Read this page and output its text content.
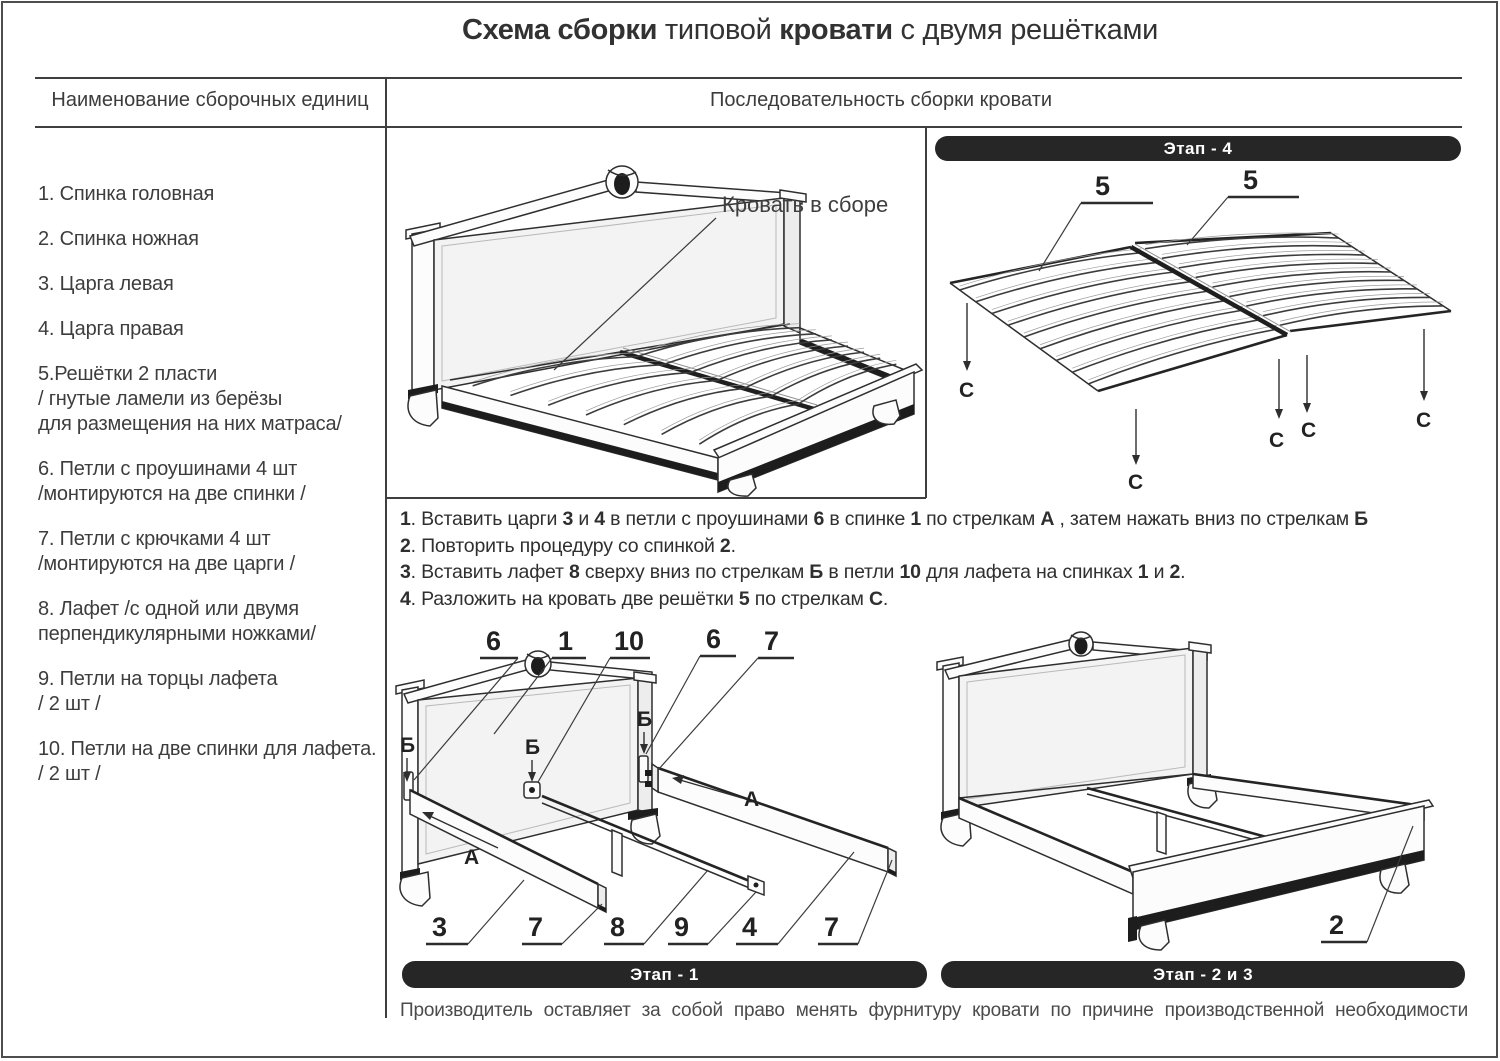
Схема сборки типовой кровати с двумя решётками
Наименование сборочных единиц	Последовательность сборки кровати
1. Спинка головная
2. Спинка ножная
3. Царга левая
4. Царга правая
5.Решётки 2 пласти
/ гнутые ламели из берёзы
для размещения на них матраса/
6. Петли с проушинами 4 шт
/монтируются на две спинки /
7. Петли с крючками 4 шт
/монтируются на две царги /
8. Лафет /с одной или двумя
перпендикулярными ножками/
9. Петли на торцы лафета
/ 2 шт /
10. Петли на две спинки для лафета.
/ 2 шт /
Кровать в сборе
Этап - 4
5	5
С
С
С С	С
1. Вставить царги 3 и 4 в петли с проушинами 6 в спинке 1 по стрелкам А , затем нажать вниз по стрелкам Б
2. Повторить процедуру со спинкой 2.
3. Вставить лафет 8 сверху вниз по стрелкам Б в петли 10 для лафета на спинках 1 и 2.
4. Разложить на кровать две решётки 5 по стрелкам С.
Б	Б
Б
А
А
6 1 10 6 7
3	7 8 9 4 7	2
Этап - 1	Этап - 2 и 3
Производитель оставляет за собой право менять фурнитуру кровати по причине производственной необходимости
